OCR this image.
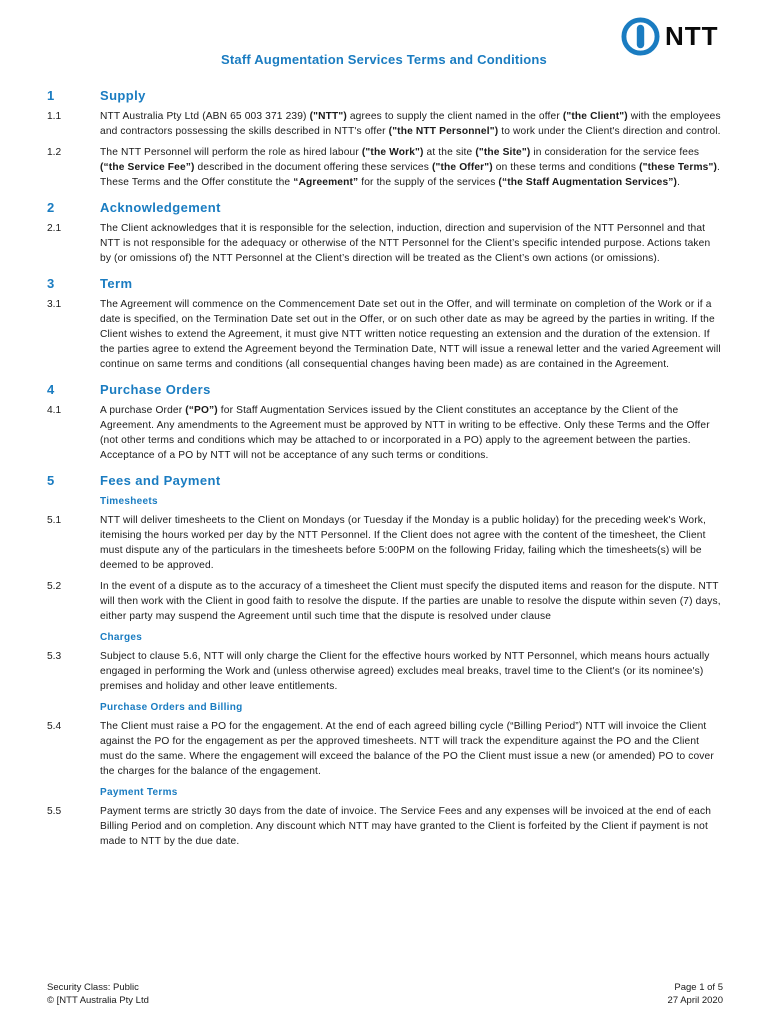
NTT
Staff Augmentation Services Terms and Conditions
1	Supply
1.1	NTT Australia Pty Ltd (ABN 65 003 371 239) ("NTT") agrees to supply the client named in the offer ("the Client") with the employees and contractors possessing the skills described in NTT's offer ("the NTT Personnel") to work under the Client's direction and control.
1.2	The NTT Personnel will perform the role as hired labour ("the Work") at the site ("the Site") in consideration for the service fees (“the Service Fee”) described in the document offering these services ("the Offer") on these terms and conditions ("these Terms"). These Terms and the Offer constitute the “Agreement” for the supply of the services (“the Staff Augmentation Services”).
2	Acknowledgement
2.1	The Client acknowledges that it is responsible for the selection, induction, direction and supervision of the NTT Personnel and that NTT is not responsible for the adequacy or otherwise of the NTT Personnel for the Client’s specific intended purpose. Actions taken by (or omissions of) the NTT Personnel at the Client’s direction will be treated as the Client’s own actions (or omissions).
3	Term
3.1	The Agreement will commence on the Commencement Date set out in the Offer, and will terminate on completion of the Work or if a date is specified, on the Termination Date set out in the Offer, or on such other date as may be agreed by the parties in writing. If the Client wishes to extend the Agreement, it must give NTT written notice requesting an extension and the duration of the extension. If the parties agree to extend the Agreement beyond the Termination Date, NTT will issue a renewal letter and the varied Agreement will continue on same terms and conditions (all consequential changes having been made) as are contained in the Agreement.
4	Purchase Orders
4.1	A purchase Order (“PO”) for Staff Augmentation Services issued by the Client constitutes an acceptance by the Client of the Agreement. Any amendments to the Agreement must be approved by NTT in writing to be effective. Only these Terms and the Offer (not other terms and conditions which may be attached to or incorporated in a PO) apply to the agreement between the parties. Acceptance of a PO by NTT will not be acceptance of any such terms or conditions.
5	Fees and Payment
Timesheets
5.1	NTT will deliver timesheets to the Client on Mondays (or Tuesday if the Monday is a public holiday) for the preceding week's Work, itemising the hours worked per day by the NTT Personnel. If the Client does not agree with the content of the timesheet, the Client must dispute any of the particulars in the timesheets before 5:00PM on the following Friday, failing which the timesheets(s) will be deemed to be approved.
5.2	In the event of a dispute as to the accuracy of a timesheet the Client must specify the disputed items and reason for the dispute. NTT will then work with the Client in good faith to resolve the dispute. If the parties are unable to resolve the dispute within seven (7) days, either party may suspend the Agreement until such time that the dispute is resolved under clause
Charges
5.3	Subject to clause 5.6, NTT will only charge the Client for the effective hours worked by NTT Personnel, which means hours actually engaged in performing the Work and (unless otherwise agreed) excludes meal breaks, travel time to the Client's (or its nominee's) premises and holiday and other leave entitlements.
Purchase Orders and Billing
5.4	The Client must raise a PO for the engagement. At the end of each agreed billing cycle (“Billing Period”) NTT will invoice the Client against the PO for the engagement as per the approved timesheets. NTT will track the expenditure against the PO and the Client must do the same. Where the engagement will exceed the balance of the PO the Client must issue a new (or amended) PO to cover the charges for the balance of the engagement.
Payment Terms
5.5	Payment terms are strictly 30 days from the date of invoice. The Service Fees and any expenses will be invoiced at the end of each Billing Period and on completion. Any discount which NTT may have granted to the Client is forfeited by the Client if payment is not made to NTT by the due date.
Security Class: Public
© [NTT Australia Pty Ltd
Page 1 of 5
27 April 2020
